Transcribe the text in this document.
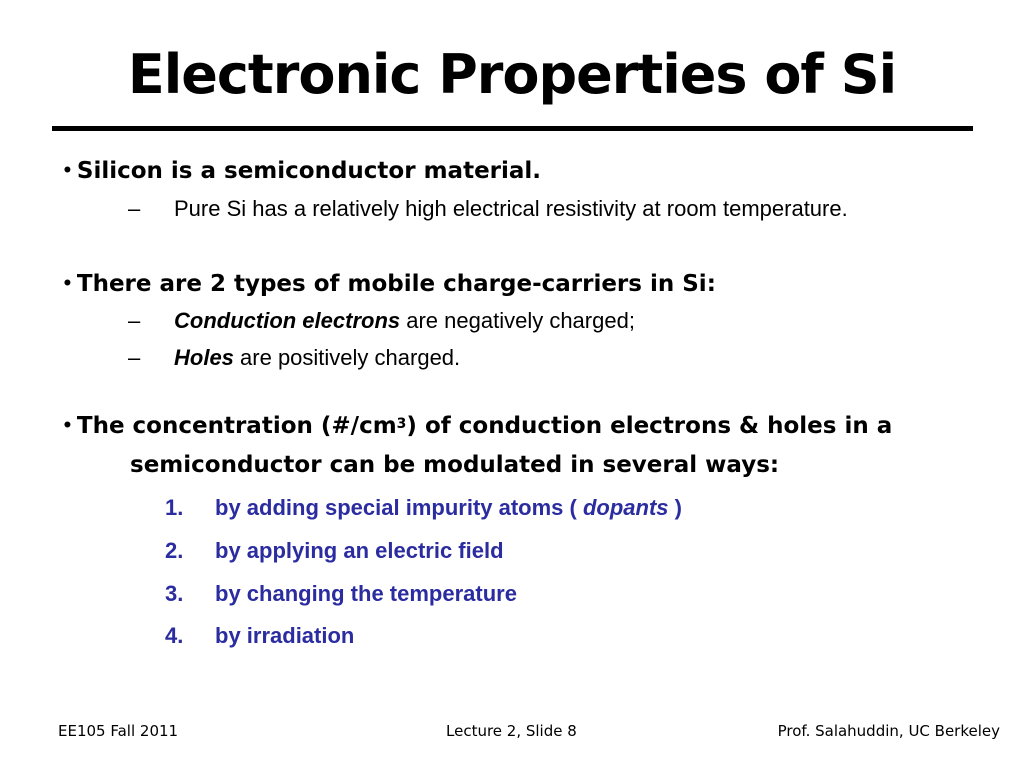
Electronic Properties of Si
• Silicon is a semiconductor material.
– Pure Si has a relatively high electrical resistivity at room temperature.
• There are 2 types of mobile charge-carriers in Si:
– Conduction electrons are negatively charged;
– Holes are positively charged.
• The concentration $(\#/cm^3)$ of conduction electrons & holes in a
semiconductor can be modulated in several ways:
1. by adding special impurity atoms ( dopants )
2. by applying an electric field
3. by changing the temperature
4. by irradiation
EE105 Fall 2011	Lecture 2, Slide 8	Prof. Salahuddin, UC Berkeley
